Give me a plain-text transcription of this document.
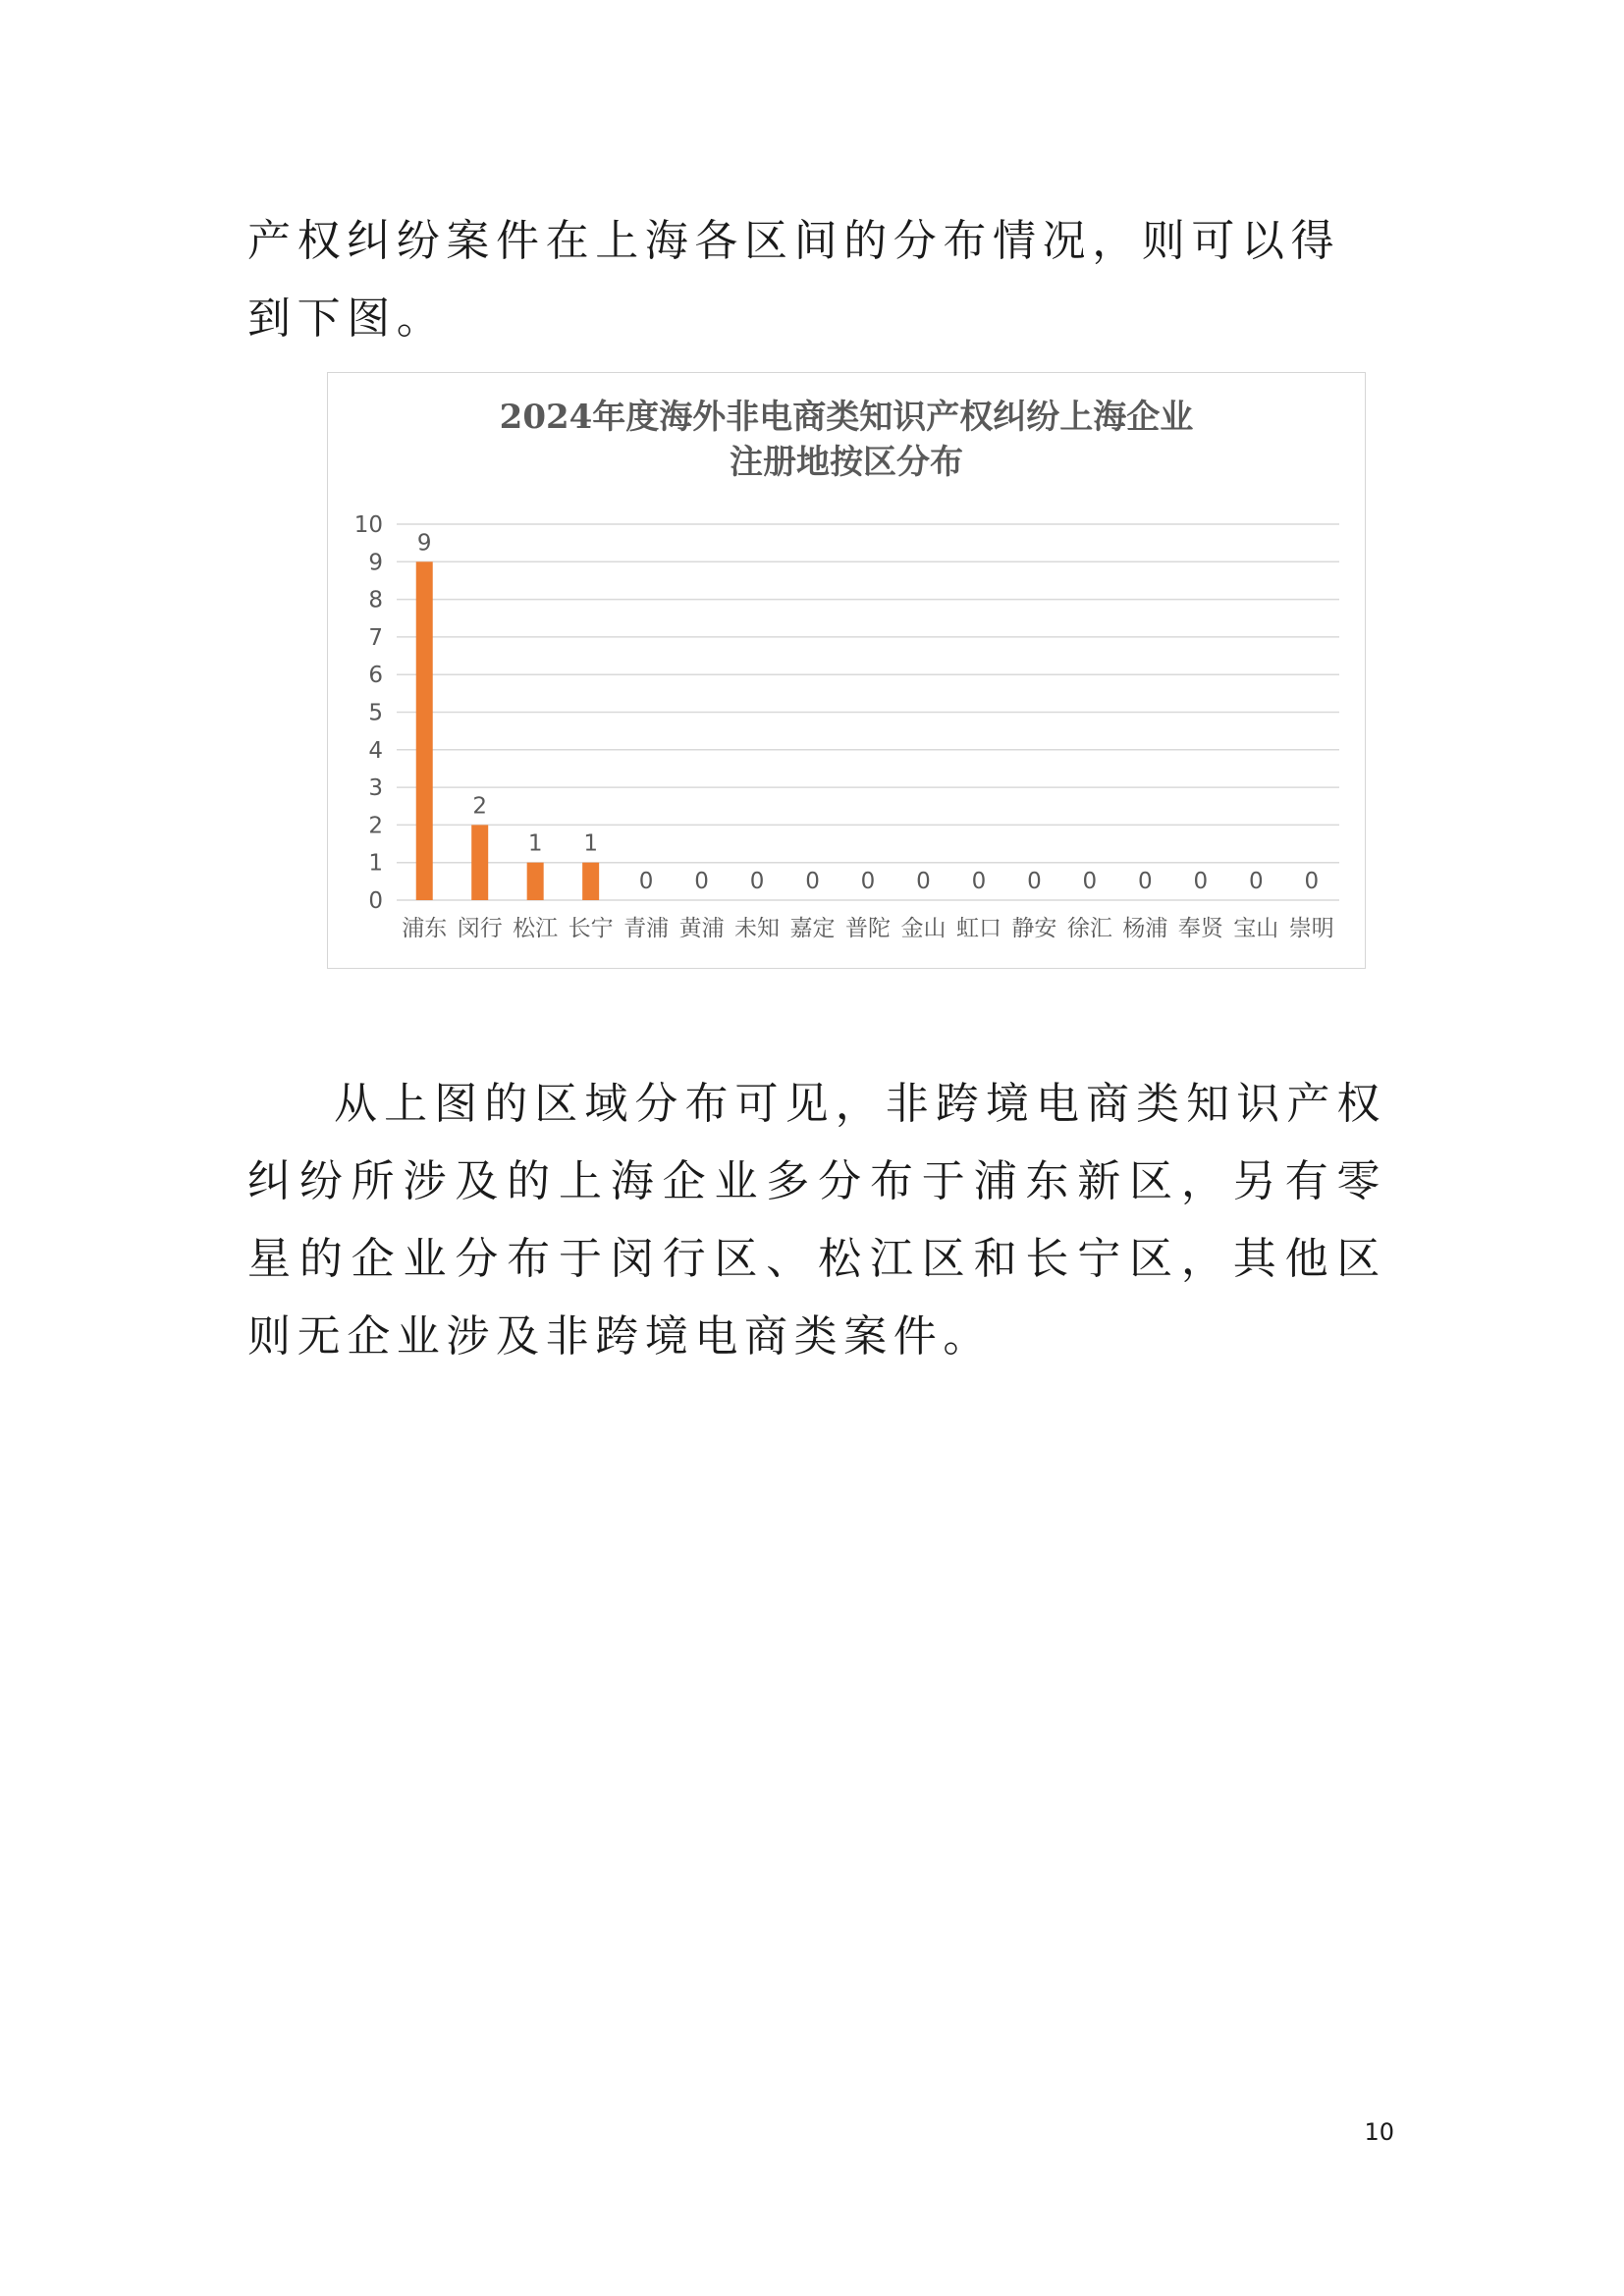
产权纠纷案件在上海各区间的分布情况，则可以得到下图。

2024年度海外非电商类知识产权纠纷上海企业
注册地按区分布
0
1
2
3
4
5
6
7
8
9
10
9
浦东
2
闵行
1
松江
1
长宁
0
青浦
0
黄浦
0
未知
0
嘉定
0
普陀
0
金山
0
虹口
0
静安
0
徐汇
0
杨浦
0
奉贤
0
宝山
0
崇明

从上图的区域分布可见，非跨境电商类知识产权纠纷所涉及的上海企业多分布于浦东新区，另有零星的企业分布于闵行区、松江区和长宁区，其他区则无企业涉及非跨境电商类案件。

10
